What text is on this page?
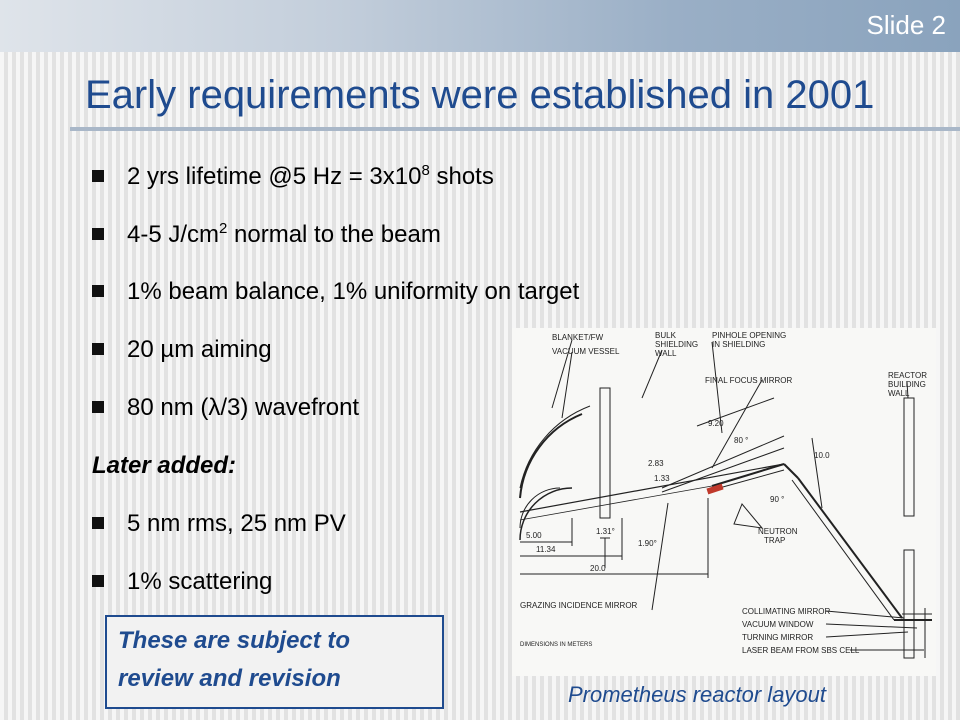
Slide 2
Early requirements were established in 2001
2 yrs lifetime @5 $Hz = 3x10^8$ shots
4-5 $J/cm^2$ normal to the beam
1% beam balance, 1% uniformity on target
20 µm aiming
80 nm (λ/3) wavefront
5 nm rms, 25 nm PV
1% scattering
Later added:
These are subject to
review and revision
BLANKET/FW
VACUUM VESSEL
BULK
SHIELDING
WALL
PINHOLE OPENING
IN SHIELDING
FINAL FOCUS MIRROR
REACTOR
BUILDING
WALL
9.20
80 °
2.83
1.33
10.0
90 °
5.00	1.31°
1.90°
11.34
20.0
NEUTRON
TRAP
GRAZING INCIDENCE MIRROR
COLLIMATING MIRROR
VACUUM WINDOW
TURNING MIRROR
LASER BEAM FROM SBS CELL
DIMENSIONS IN METERS
Prometheus reactor layout
